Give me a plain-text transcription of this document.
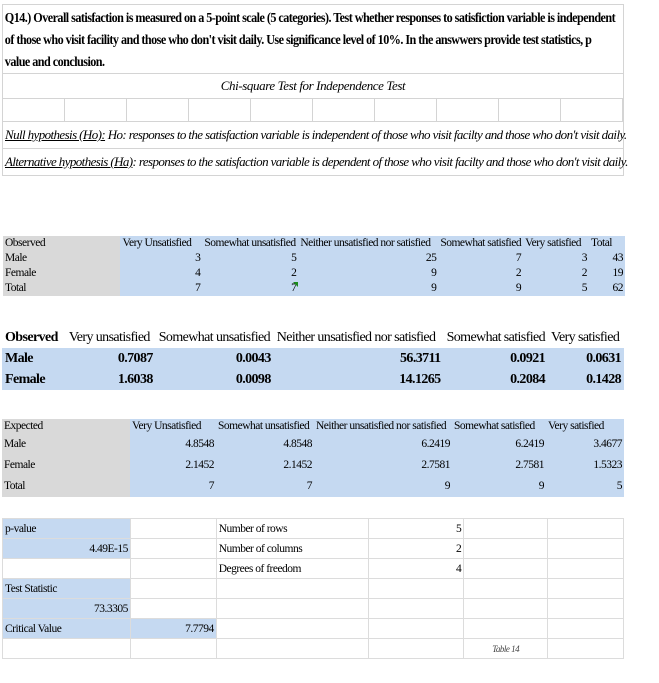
Q14.) Overall satisfaction is measured on a 5-point scale (5 categories). Test whether responses to satisfiction variable is independent of those who visit facility and those who don't visit daily. Use significance level of 10%. In the answwers provide test statistics, p value and conclusion.
Chi-square Test for Independence Test
Null hypothesis (Ho): Ho: responses to the satisfaction variable is independent of those who visit facilty and those who don't visit daily.
Alternative hypothesis (Ha): responses to the satisfaction variable is dependent of those who visit facilty and those who don't visit daily.
Observed	Very Unsatisfied	Somewhat unsatisfied	Neither unsatisfied nor satisfied	Somewhat satisfied	Very satisfied	Total
Male	3	5	25	7	3	43
Female	4	2	9	2	2	19
Total	7	7	9	9	5	62
Observed	Very unsatisfied	Somewhat unsatisfied	Neither unsatisfied nor satisfied	Somewhat satisfied	Very satisfied
Male	0.7087	0.0043	56.3711	0.0921	0.0631
Female	1.6038	0.0098	14.1265	0.2084	0.1428
Expected	Very Unsatisfied	Somewhat unsatisfied	Neither unsatisfied nor satisfied	Somewhat satisfied	Very satisfied
Male	4.8548	4.8548	6.2419	6.2419	3.4677
Female	2.1452	2.1452	2.7581	2.7581	1.5323
Total	7	7	9	9	5
p-value		Number of rows	5		
4.49E-15		Number of columns	2		
		Degrees of freedom	4		
Test Statistic					
73.3305					
Critical Value	7.7794				
				Table 14	
